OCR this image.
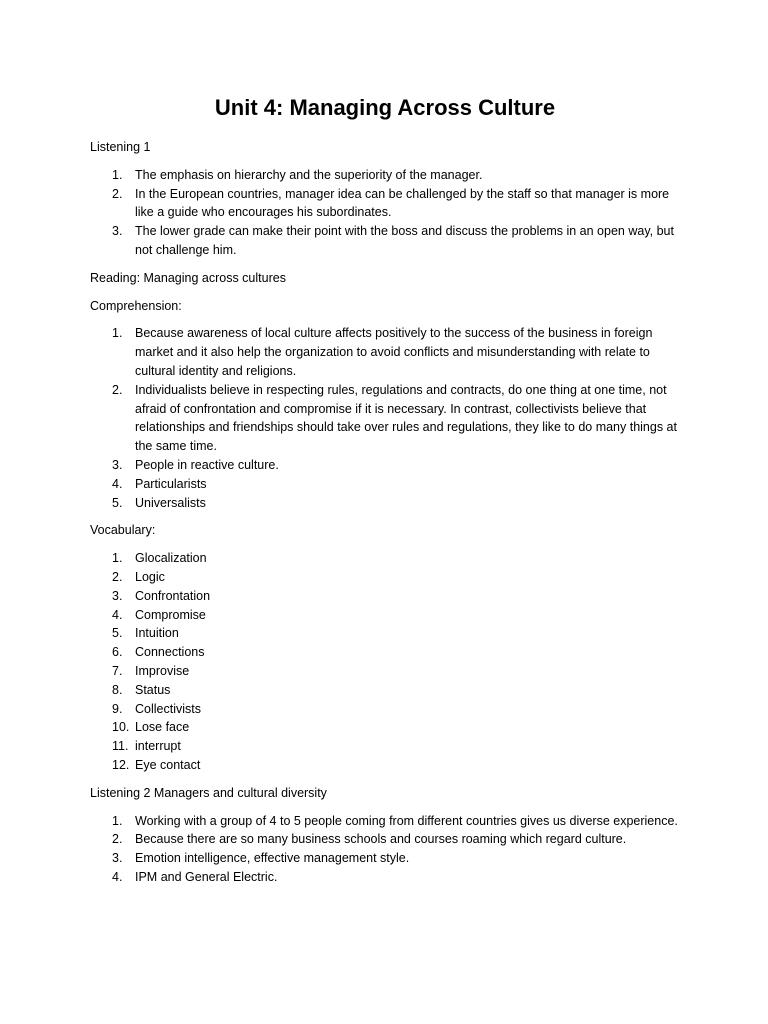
Unit 4: Managing Across Culture

Listening 1

1. The emphasis on hierarchy and the superiority of the manager.
2. In the European countries, manager idea can be challenged by the staff so that manager is more like a guide who encourages his subordinates.
3. The lower grade can make their point with the boss and discuss the problems in an open way, but not challenge him.

Reading: Managing across cultures

Comprehension:

1. Because awareness of local culture affects positively to the success of the business in foreign market and it also help the organization to avoid conflicts and misunderstanding with relate to cultural identity and religions.
2. Individualists believe in respecting rules, regulations and contracts, do one thing at one time, not afraid of confrontation and compromise if it is necessary. In contrast, collectivists believe that relationships and friendships should take over rules and regulations, they like to do many things at the same time.
3. People in reactive culture.
4. Particularists
5. Universalists

Vocabulary:

1. Glocalization
2. Logic
3. Confrontation
4. Compromise
5. Intuition
6. Connections
7. Improvise
8. Status
9. Collectivists
10. Lose face
11. interrupt
12. Eye contact

Listening 2 Managers and cultural diversity

1. Working with a group of 4 to 5 people coming from different countries gives us diverse experience.
2. Because there are so many business schools and courses roaming which regard culture.
3. Emotion intelligence, effective management style.
4. IPM and General Electric.
